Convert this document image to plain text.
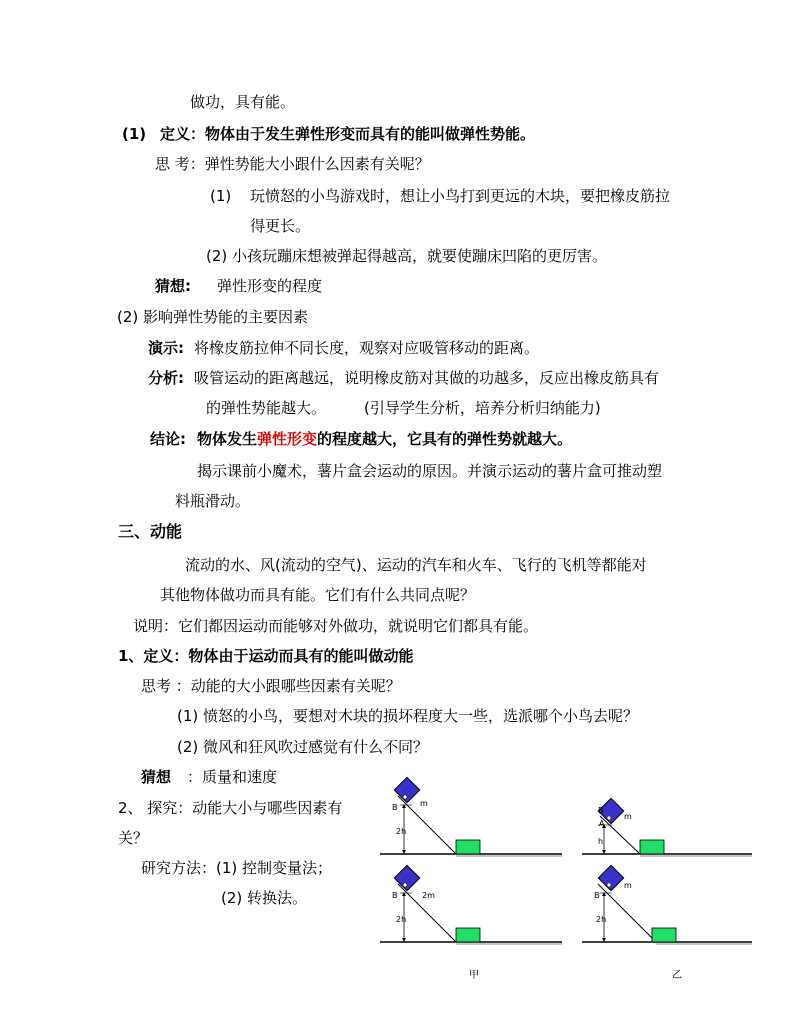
做功，具有能。
(1) 定义：物体由于发生弹性形变而具有的能叫做弹性势能。
思 考：弹性势能大小跟什么因素有关呢？
(1) 玩愤怒的小鸟游戏时，想让小鸟打到更远的木块，要把橡皮筋拉
得更长。
(2) 小孩玩蹦床想被弹起得越高，就要使蹦床凹陷的更厉害。
猜想: 弹性形变的程度
(2) 影响弹性势能的主要因素
演示: 将橡皮筋拉伸不同长度，观察对应吸管移动的距离。
分析: 吸管运动的距离越远，说明橡皮筋对其做的功越多，反应出橡皮筋具有
的弹性势能越大。	(引导学生分析，培养分析归纳能力)
结论: 物体发生弹性形变的程度越大，它具有的弹性势就越大。
揭示课前小魔术，薯片盒会运动的原因。并演示运动的薯片盒可推动塑
料瓶滑动。
三、动能
流动的水、风(流动的空气)、运动的汽车和火车、飞行的飞机等都能对
其他物体做功而具有能。它们有什么共同点呢？
说明：它们都因运动而能够对外做功，就说明它们都具有能。
1、定义：物体由于运动而具有的能叫做动能
思考 ：动能的大小跟哪些因素有关呢？
(1) 愤怒的小鸟，要想对木块的损坏程度大一些，选派哪个小鸟去呢？
(2) 微风和狂风吹过感觉有什么不同？
猜想 ：质量和速度
2、 探究：动能大小与哪些因素有
关？
研究方法：(1) 控制变量法；
(2) 转换法。
B	m
2h
B
A
m
h
B	2m
2h
B
m
2h
甲	乙
